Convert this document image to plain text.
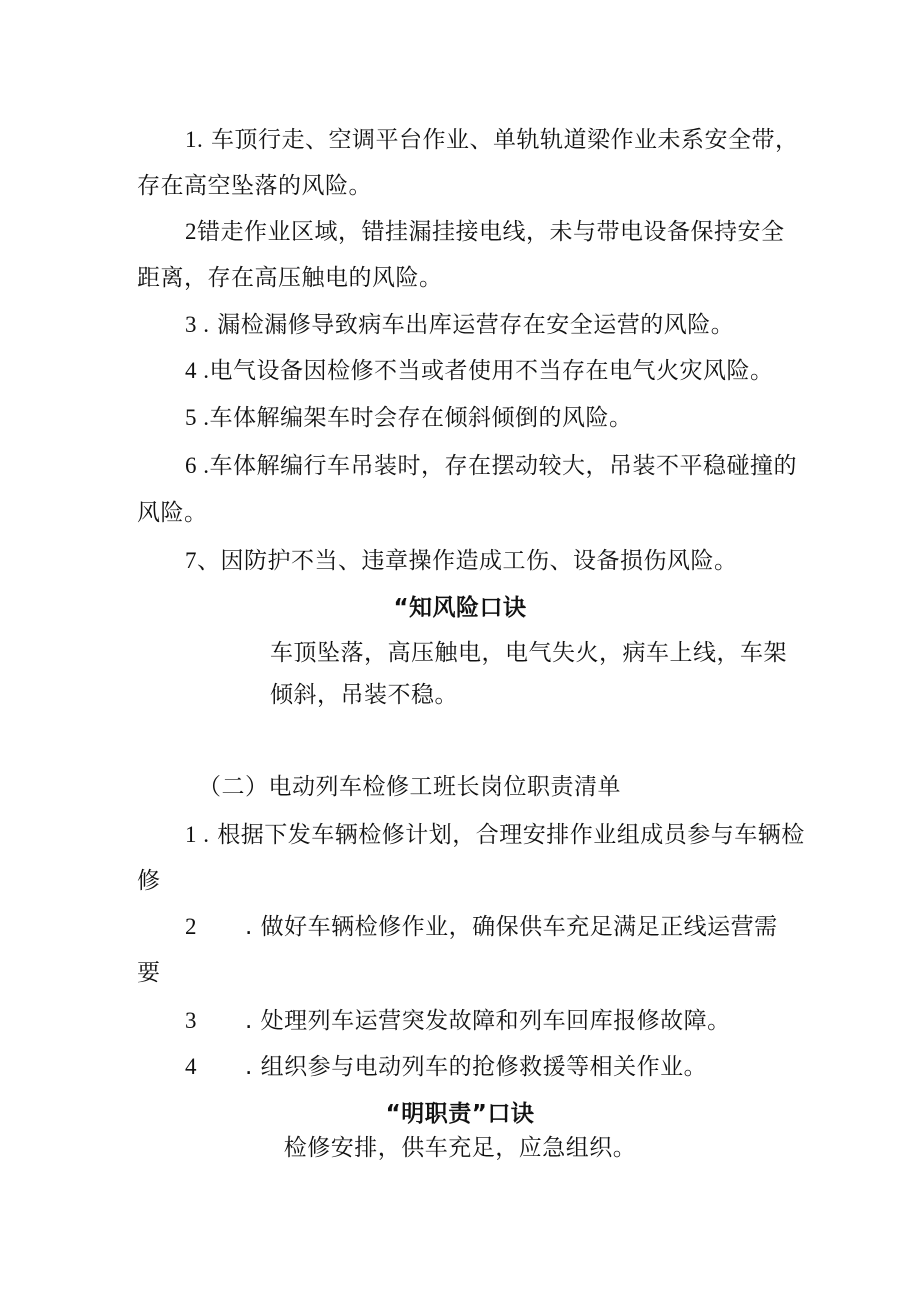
1. 车顶行走、空调平台作业、单轨轨道梁作业未系安全带，

存在高空坠落的风险。

2错走作业区域，错挂漏挂接电线，未与带电设备保持安全

距离，存在高压触电的风险。

3 . 漏检漏修导致病车出库运营存在安全运营的风险。

4 .电气设备因检修不当或者使用不当存在电气火灾风险。

5 .车体解编架车时会存在倾斜倾倒的风险。

6 .车体解编行车吊装时，存在摆动较大，吊装不平稳碰撞的

风险。

7、因防护不当、违章操作造成工伤、设备损伤风险。

“知风险口诀

车顶坠落，高压触电，电气失火，病车上线，车架

倾斜，吊装不稳。

（二）电动列车检修工班长岗位职责清单

1 . 根据下发车辆检修计划，合理安排作业组成员参与车辆检

修

2 . 做好车辆检修作业，确保供车充足满足正线运营需

要

3 . 处理列车运营突发故障和列车回库报修故障。

4 . 组织参与电动列车的抢修救援等相关作业。

“明职责”口诀

检修安排，供车充足，应急组织。
